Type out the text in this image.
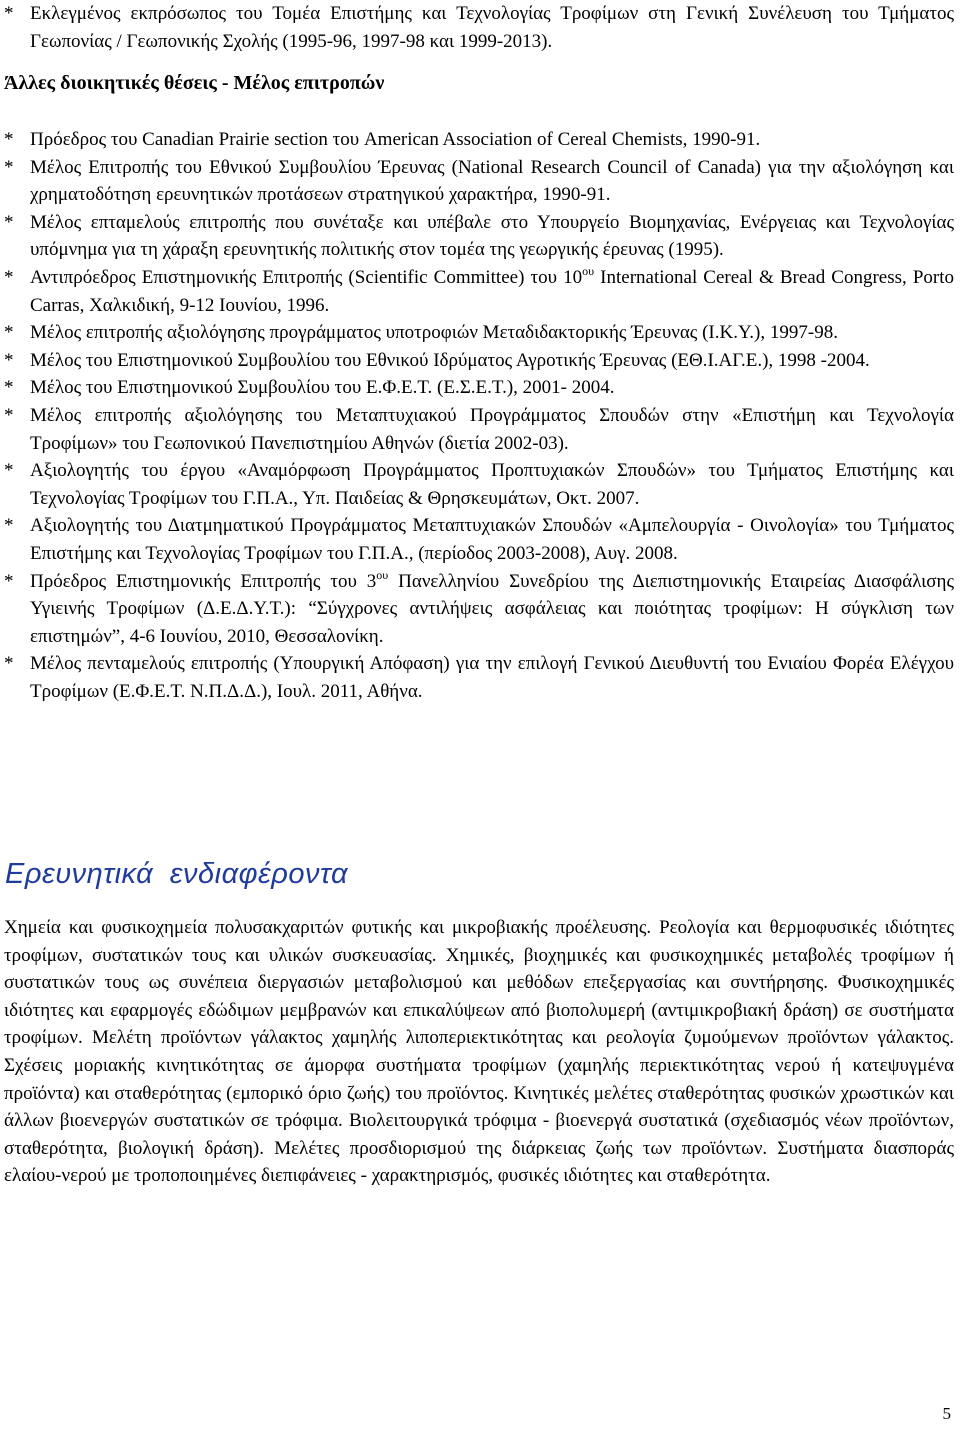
* Εκλεγμένος εκπρόσωπος του Τομέα Επιστήμης και Τεχνολογίας Τροφίμων στη Γενική Συνέλευση του Τμήματος Γεωπονίας / Γεωπονικής Σχολής (1995-96, 1997-98 και 1999-2013).
Άλλες διοικητικές θέσεις - Μέλος επιτροπών
* Πρόεδρος του Canadian Prairie section του American Association of Cereal Chemists, 1990-91.
* Μέλος Επιτροπής του Εθνικού Συμβουλίου Έρευνας (National Research Council of Canada) για την αξιολόγηση και χρηματοδότηση ερευνητικών προτάσεων στρατηγικού χαρακτήρα, 1990-91.
* Μέλος επταμελούς επιτροπής που συνέταξε και υπέβαλε στο Υπουργείο Βιομηχανίας, Ενέργειας και Τεχνολογίας υπόμνημα για τη χάραξη ερευνητικής πολιτικής στον τομέα της γεωργικής έρευνας (1995).
* Αντιπρόεδρος Επιστημονικής Επιτροπής (Scientific Committee) του $10^{o\upsilon}$ International Cereal & Bread Congress, Porto Carras, Χαλκιδική, 9-12 Ιουνίου, 1996.
* Μέλος επιτροπής αξιολόγησης προγράμματος υποτροφιών Μεταδιδακτορικής Έρευνας (Ι.Κ.Υ.), 1997-98.
* Μέλος του Επιστημονικού Συμβουλίου του Εθνικού Ιδρύματος Αγροτικής Έρευνας (ΕΘ.Ι.ΑΓ.Ε.), 1998 -2004.
* Μέλος του Επιστημονικού Συμβουλίου του Ε.Φ.Ε.Τ. (Ε.Σ.Ε.Τ.), 2001- 2004.
* Μέλος επιτροπής αξιολόγησης του Μεταπτυχιακού Προγράμματος Σπουδών στην «Επιστήμη και Τεχνολογία Τροφίμων» του Γεωπονικού Πανεπιστημίου Αθηνών (διετία 2002-03).
* Αξιολογητής του έργου «Αναμόρφωση Προγράμματος Προπτυχιακών Σπουδών» του Τμήματος Επιστήμης και Τεχνολογίας Τροφίμων του Γ.Π.Α., Υπ. Παιδείας & Θρησκευμάτων, Οκτ. 2007.
* Αξιολογητής του Διατμηματικού Προγράμματος Μεταπτυχιακών Σπουδών «Αμπελουργία - Οινολογία» του Τμήματος Επιστήμης και Τεχνολογίας Τροφίμων του Γ.Π.Α., (περίοδος 2003-2008), Αυγ. 2008.
* Πρόεδρος Επιστημονικής Επιτροπής του $3^{o\upsilon}$ Πανελληνίου Συνεδρίου της Διεπιστημονικής Εταιρείας Διασφάλισης Υγιεινής Τροφίμων (Δ.Ε.Δ.Υ.Τ.): “Σύγχρονες αντιλήψεις ασφάλειας και ποιότητας τροφίμων: Η σύγκλιση των επιστημών”, 4-6 Ιουνίου, 2010, Θεσσαλονίκη.
* Μέλος πενταμελούς επιτροπής (Υπουργική Απόφαση) για την επιλογή Γενικού Διευθυντή του Ενιαίου Φορέα Ελέγχου Τροφίμων (Ε.Φ.Ε.Τ. Ν.Π.Δ.Δ.), Ιουλ. 2011, Αθήνα.
Ερευνητικά ενδιαφέροντα
Χημεία και φυσικοχημεία πολυσακχαριτών φυτικής και μικροβιακής προέλευσης. Ρεολογία και θερμοφυσικές ιδιότητες τροφίμων, συστατικών τους και υλικών συσκευασίας. Χημικές, βιοχημικές και φυσικοχημικές μεταβολές τροφίμων ή συστατικών τους ως συνέπεια διεργασιών μεταβολισμού και μεθόδων επεξεργασίας και συντήρησης. Φυσικοχημικές ιδιότητες και εφαρμογές εδώδιμων μεμβρανών και επικαλύψεων από βιοπολυμερή (αντιμικροβιακή δράση) σε συστήματα τροφίμων. Μελέτη προϊόντων γάλακτος χαμηλής λιποπεριεκτικότητας και ρεολογία ζυμούμενων προϊόντων γάλακτος. Σχέσεις μοριακής κινητικότητας σε άμορφα συστήματα τροφίμων (χαμηλής περιεκτικότητας νερού ή κατεψυγμένα προϊόντα) και σταθερότητας (εμπορικό όριο ζωής) του προϊόντος. Κινητικές μελέτες σταθερότητας φυσικών χρωστικών και άλλων βιοενεργών συστατικών σε τρόφιμα. Βιολειτουργικά τρόφιμα - βιοενεργά συστατικά (σχεδιασμός νέων προϊόντων, σταθερότητα, βιολογική δράση). Μελέτες προσδιορισμού της διάρκειας ζωής των προϊόντων. Συστήματα διασποράς ελαίου-νερού με τροποποιημένες διεπιφάνειες - χαρακτηρισμός, φυσικές ιδιότητες και σταθερότητα.
5
